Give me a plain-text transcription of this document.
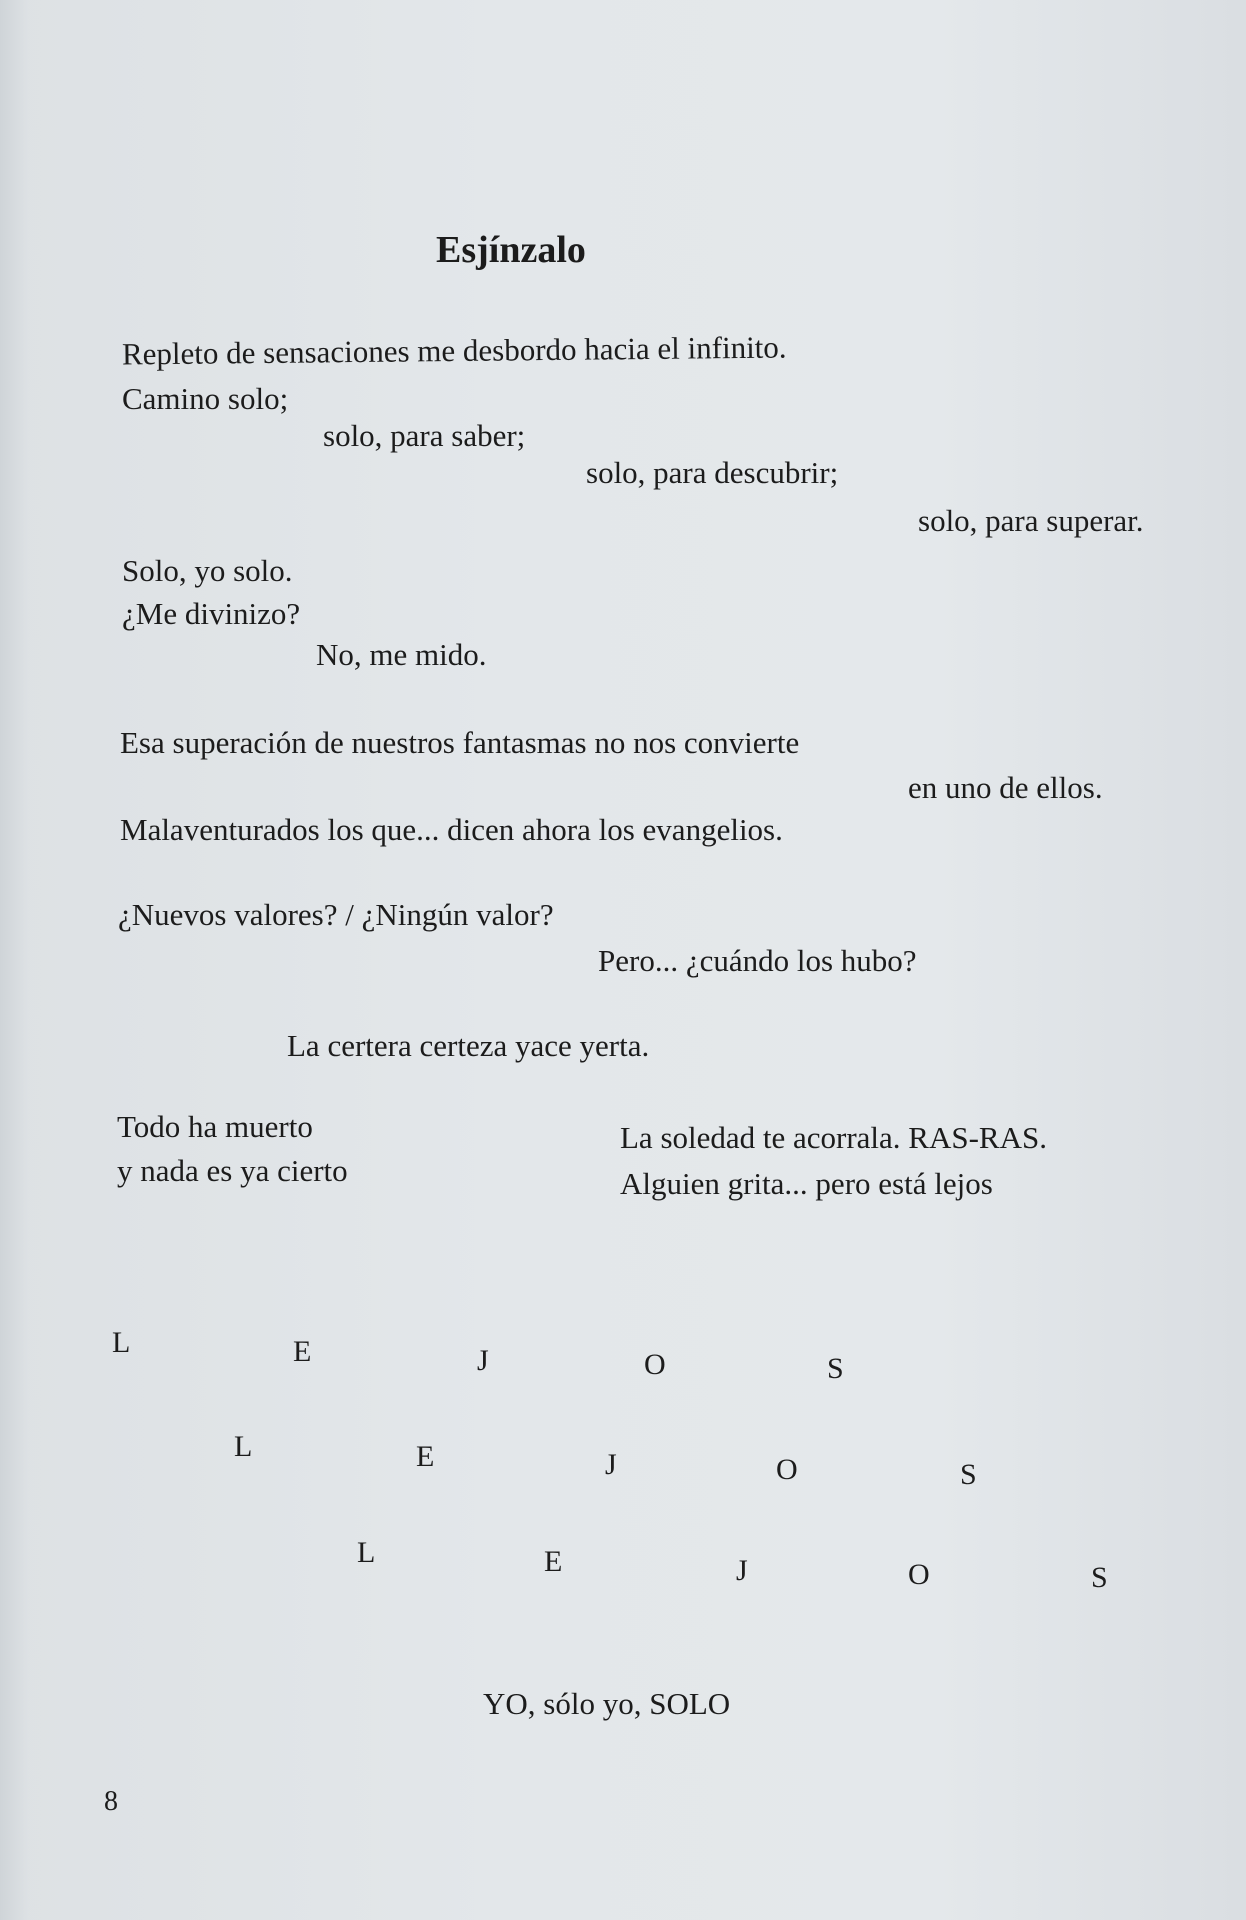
Esjínzalo
Repleto de sensaciones me desbordo hacia el infinito.
Camino solo;
solo, para saber;
solo, para descubrir;
solo, para superar.
Solo, yo solo.
¿Me divinizo?
No, me mido.
Esa superación de nuestros fantasmas no nos convierte
en uno de ellos.
Malaventurados los que... dicen ahora los evangelios.
¿Nuevos valores? / ¿Ningún valor?
Pero... ¿cuándo los hubo?
La certera certeza yace yerta.
Todo ha muerto
y nada es ya cierto
La soledad te acorrala. RAS-RAS.
Alguien grita... pero está lejos
L	E	J	O	S
L	E	J	O	S
L	E	J	O	S
YO, sólo yo, SOLO
8
